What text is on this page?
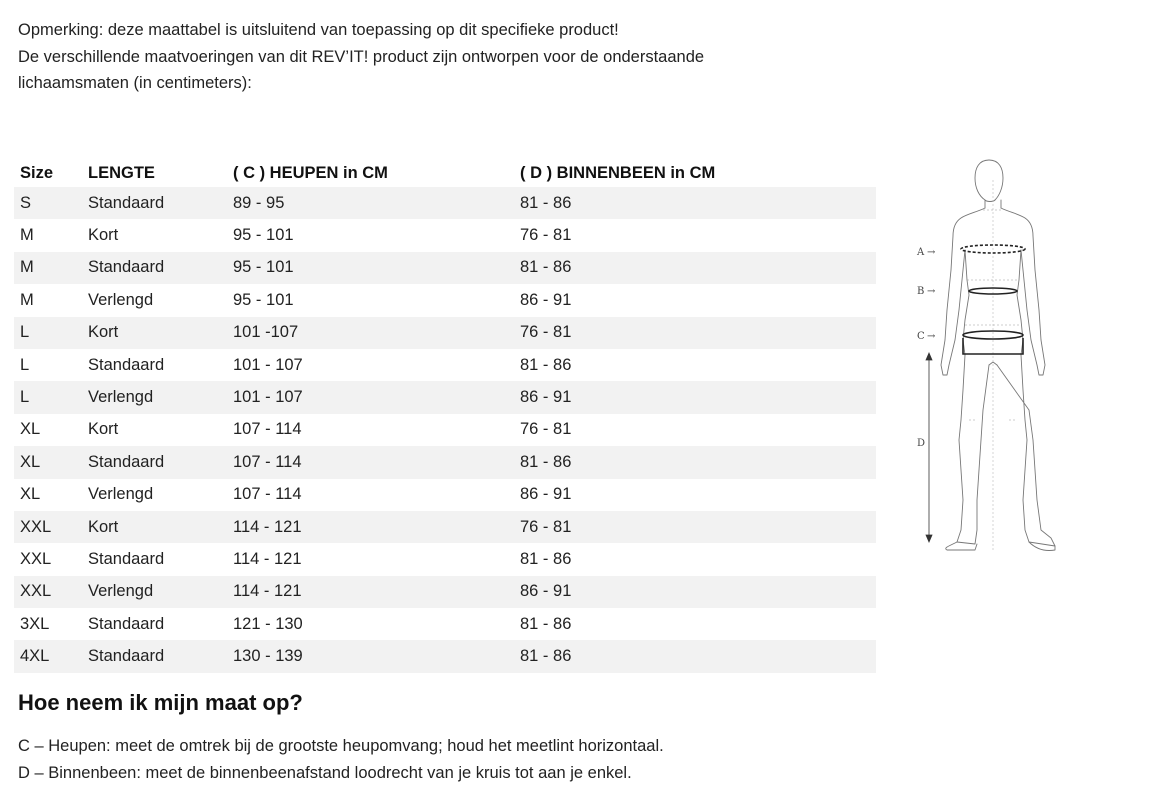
Opmerking: deze maattabel is uitsluitend van toepassing op dit specifieke product!

De verschillende maatvoeringen van dit REV’IT! product zijn ontworpen voor de onderstaande

lichaamsmaten (in centimeters):

Size	LENGTE	( C ) HEUPEN in CM	( D ) BINNENBEEN in CM
S	Standaard	89 - 95	81 - 86
M	Kort	95 - 101	76 - 81
M	Standaard	95 - 101	81 - 86
M	Verlengd	95 - 101	86 - 91
L	Kort	101 -107	76 - 81
L	Standaard	101 - 107	81 - 86
L	Verlengd	101 - 107	86 - 91
XL	Kort	107 - 114	76 - 81
XL	Standaard	107 - 114	81 - 86
XL	Verlengd	107 - 114	86 - 91
XXL	Kort	114 - 121	76 - 81
XXL	Standaard	114 - 121	81 - 86
XXL	Verlengd	114 - 121	86 - 91
3XL	Standaard	121 - 130	81 - 86
4XL	Standaard	130 - 139	81 - 86
A →
B →
C →
D
Hoe neem ik mijn maat op?

C – Heupen: meet de omtrek bij de grootste heupomvang; houd het meetlint horizontaal.

D – Binnenbeen: meet de binnenbeenafstand loodrecht van je kruis tot aan je enkel.
